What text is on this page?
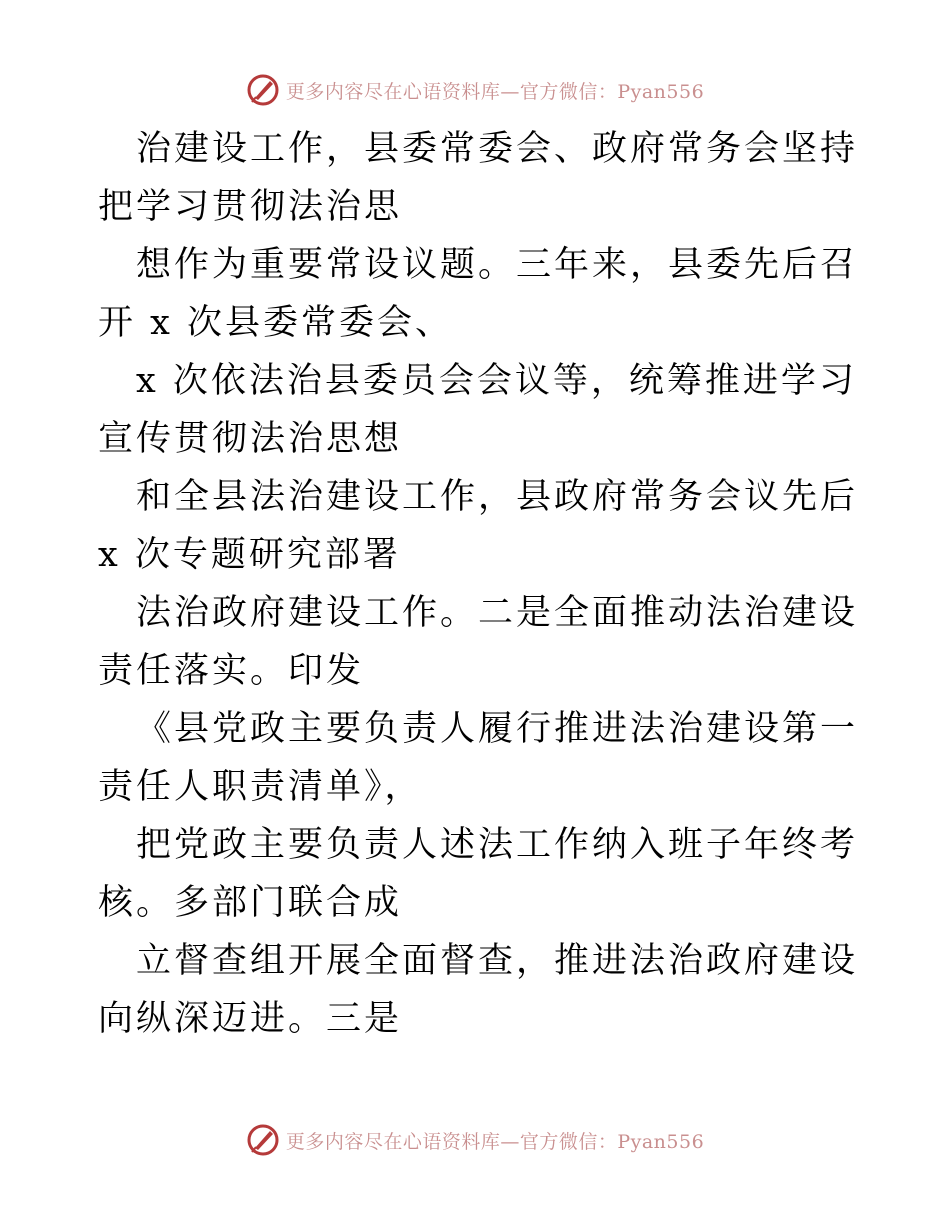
更多内容尽在心语资料库—官方微信：Pyan556

治建设工作，县委常委会、政府常务会坚持把学习贯彻法治思

想作为重要常设议题。三年来，县委先后召开 x 次县委常委会、

x 次依法治县委员会会议等，统筹推进学习宣传贯彻法治思想

和全县法治建设工作，县政府常务会议先后 x 次专题研究部署

法治政府建设工作。二是全面推动法治建设责任落实。印发

《县党政主要负责人履行推进法治建设第一责任人职责清单》，

把党政主要负责人述法工作纳入班子年终考核。多部门联合成

立督查组开展全面督查，推进法治政府建设向纵深迈进。三是

更多内容尽在心语资料库—官方微信：Pyan556
